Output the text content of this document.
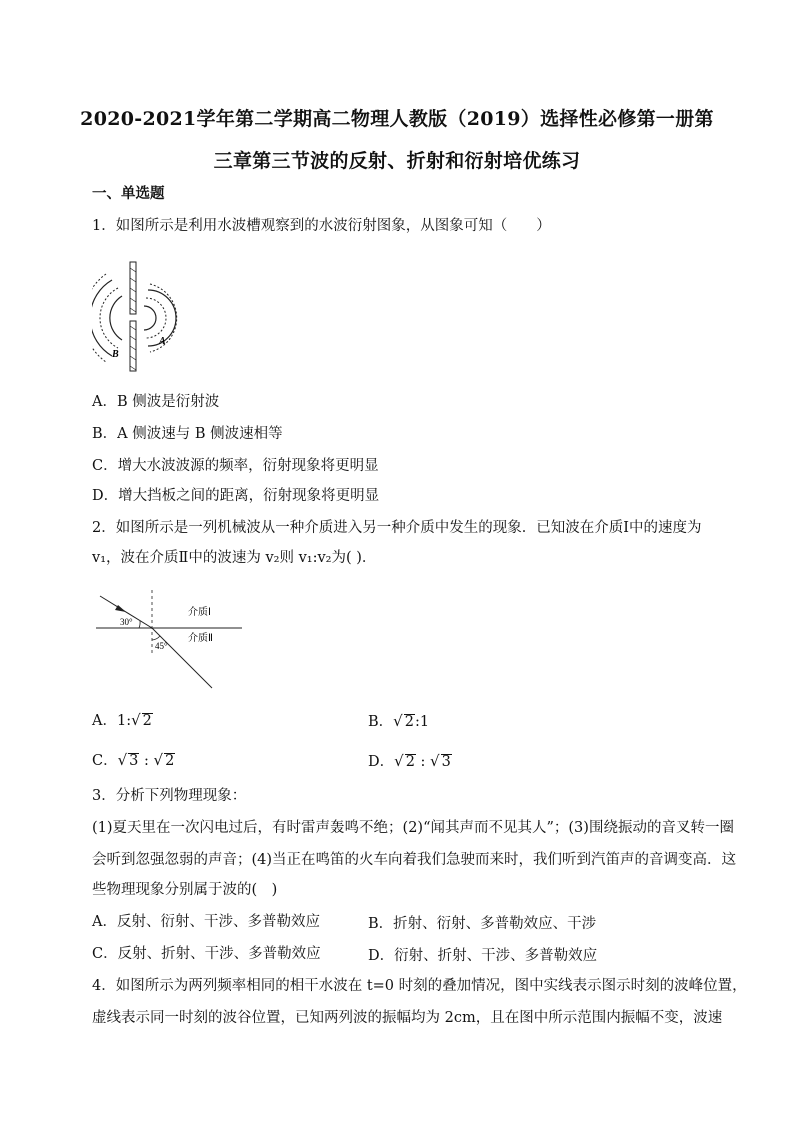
2020-2021学年第二学期高二物理人教版（2019）选择性必修第一册第
三章第三节波的反射、折射和衍射培优练习
一、单选题
1．如图所示是利用水波槽观察到的水波衍射图象，从图象可知（　　）
B
A
A．B 侧波是衍射波
B．A 侧波速与 B 侧波速相等
C．增大水波波源的频率，衍射现象将更明显
D．增大挡板之间的距离，衍射现象将更明显
2．如图所示是一列机械波从一种介质进入另一种介质中发生的现象．已知波在介质Ⅰ中的速度为
v₁，波在介质Ⅱ中的波速为 v₂则 v₁:v₂为( )．
30°
45°
介质Ⅰ
介质Ⅱ
A．1:√ 2	B．√ 2:1
C．√ 3 : √ 2	D．√ 2 : √ 3
3．分析下列物理现象：
(1)夏天里在一次闪电过后，有时雷声轰鸣不绝；(2)“闻其声而不见其人”；(3)围绕振动的音叉转一圈
会听到忽强忽弱的声音；(4)当正在鸣笛的火车向着我们急驶而来时，我们听到汽笛声的音调变高．这
些物理现象分别属于波的(　)
A．反射、衍射、干涉、多普勒效应	B．折射、衍射、多普勒效应、干涉
C．反射、折射、干涉、多普勒效应	D．衍射、折射、干涉、多普勒效应
4．如图所示为两列频率相同的相干水波在 t=0 时刻的叠加情况，图中实线表示图示时刻的波峰位置，
虚线表示同一时刻的波谷位置，已知两列波的振幅均为 2cm，且在图中所示范围内振幅不变，波速
